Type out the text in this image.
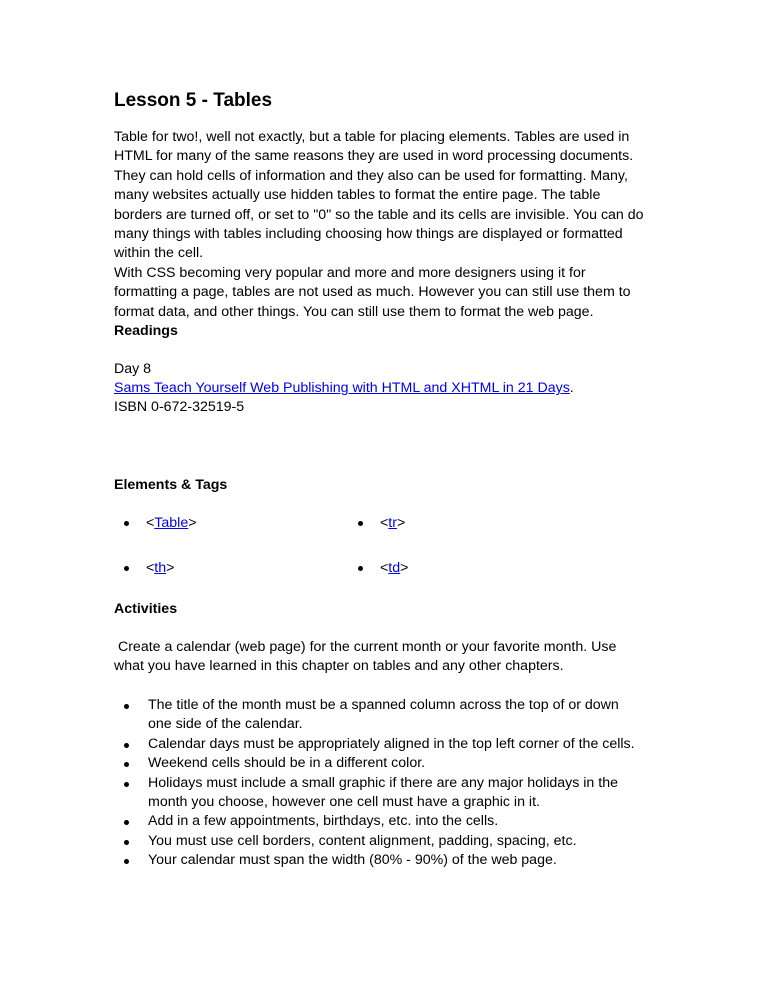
Lesson 5 - Tables

Table for two!, well not exactly, but a table for placing elements. Tables are used in HTML for many of the same reasons they are used in word processing documents. They can hold cells of information and they also can be used for formatting. Many, many websites actually use hidden tables to format the entire page. The table borders are turned off, or set to "0" so the table and its cells are invisible. You can do many things with tables including choosing how things are displayed or formatted within the cell.

With CSS becoming very popular and more and more designers using it for formatting a page, tables are not used as much. However you can still use them to format data, and other things. You can still use them to format the web page.

Readings
Day 8
Sams Teach Yourself Web Publishing with HTML and XHTML in 21 Days.
ISBN 0-672-32519-5
Elements & Tags
< Table >	< tr >
< th >	< td >
Activities

Create a calendar (web page) for the current month or your favorite month. Use what you have learned in this chapter on tables and any other chapters.

The title of the month must be a spanned column across the top of or down one side of the calendar.
Calendar days must be appropriately aligned in the top left corner of the cells.
Weekend cells should be in a different color.
Holidays must include a small graphic if there are any major holidays in the month you choose, however one cell must have a graphic in it.
Add in a few appointments, birthdays, etc. into the cells.
You must use cell borders, content alignment, padding, spacing, etc.
Your calendar must span the width (80% - 90%) of the web page.
